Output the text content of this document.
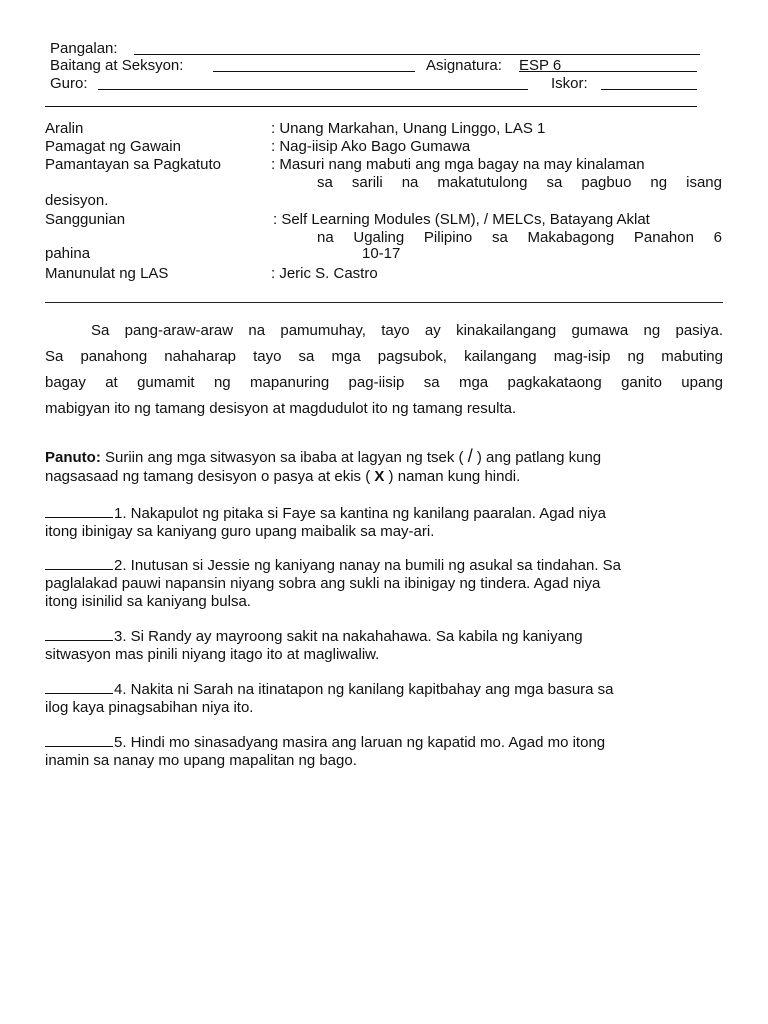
Pangalan:
Baitang at Seksyon:	Asignatura: ESP 6
Guro:	Iskor:
Aralin	: Unang Markahan, Unang Linggo, LAS 1
Pamagat ng Gawain	: Nag-iisip Ako Bago Gumawa
Pamantayan sa Pagkatuto	: Masuri nang mabuti ang mga bagay na may kinalaman
sa sarili na makatutulong sa pagbuo ng isang
desisyon.
Sanggunian	: Self Learning Modules (SLM), / MELCs, Batayang Aklat
na Ugaling Pilipino sa Makabagong Panahon 6
pahina	10-17
Manunulat ng LAS	: Jeric S. Castro
Sa pang-araw-araw na pamumuhay, tayo ay kinakailangang gumawa ng pasiya.
Sa panahong nahaharap tayo sa mga pagsubok, kailangang mag-isip ng mabuting
bagay at gumamit ng mapanuring pag-iisip sa mga pagkakataong ganito upang
mabigyan ito ng tamang desisyon at magdudulot ito ng tamang resulta.
Panuto: Suriin ang mga sitwasyon sa ibaba at lagyan ng tsek ( / ) ang patlang kung
nagsasaad ng tamang desisyon o pasya at ekis ( X ) naman kung hindi.
1. Nakapulot ng pitaka si Faye sa kantina ng kanilang paaralan. Agad niya
itong ibinigay sa kaniyang guro upang maibalik sa may-ari.
2. Inutusan si Jessie ng kaniyang nanay na bumili ng asukal sa tindahan. Sa
paglalakad pauwi napansin niyang sobra ang sukli na ibinigay ng tindera. Agad niya
itong isinilid sa kaniyang bulsa.
3. Si Randy ay mayroong sakit na nakahahawa. Sa kabila ng kaniyang
sitwasyon mas pinili niyang itago ito at magliwaliw.
4. Nakita ni Sarah na itinatapon ng kanilang kapitbahay ang mga basura sa
ilog kaya pinagsabihan niya ito.
5. Hindi mo sinasadyang masira ang laruan ng kapatid mo. Agad mo itong
inamin sa nanay mo upang mapalitan ng bago.
